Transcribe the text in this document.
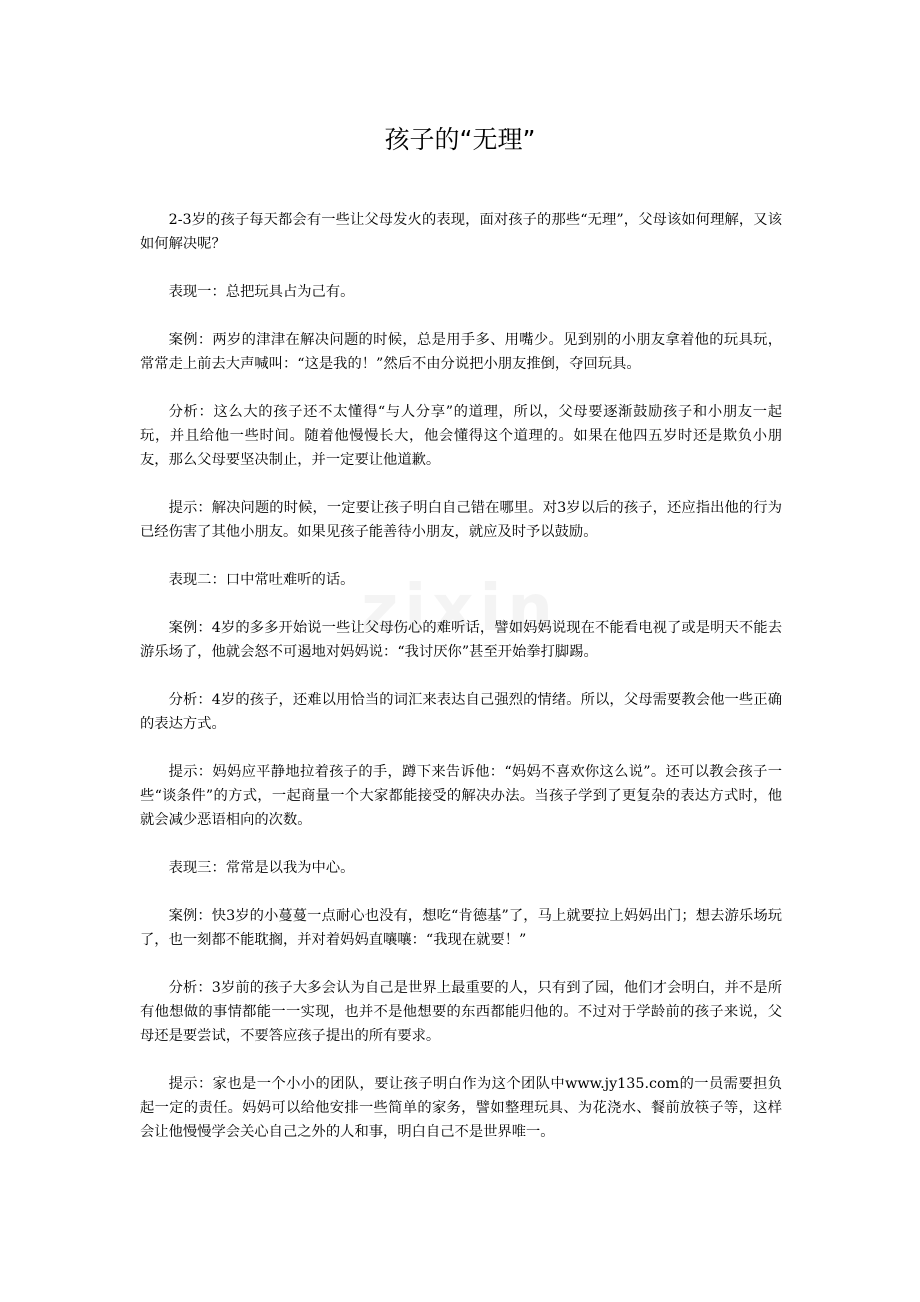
孩子的“无理”

2-3岁的孩子每天都会有一些让父母发火的表现，面对孩子的那些“无理”，父母该如何理解，又该如何解决呢？

表现一：总把玩具占为己有。

案例：两岁的津津在解决问题的时候，总是用手多、用嘴少。见到别的小朋友拿着他的玩具玩，常常走上前去大声喊叫：“这是我的！”然后不由分说把小朋友推倒，夺回玩具。

分析：这么大的孩子还不太懂得“与人分享”的道理，所以，父母要逐渐鼓励孩子和小朋友一起玩，并且给他一些时间。随着他慢慢长大，他会懂得这个道理的。如果在他四五岁时还是欺负小朋友，那么父母要坚决制止，并一定要让他道歉。

提示：解决问题的时候，一定要让孩子明白自己错在哪里。对3岁以后的孩子，还应指出他的行为已经伤害了其他小朋友。如果见孩子能善待小朋友，就应及时予以鼓励。

表现二：口中常吐难听的话。

案例：4岁的多多开始说一些让父母伤心的难听话，譬如妈妈说现在不能看电视了或是明天不能去游乐场了，他就会怒不可遏地对妈妈说：“我讨厌你”甚至开始拳打脚踢。

分析：4岁的孩子，还难以用恰当的词汇来表达自己强烈的情绪。所以，父母需要教会他一些正确的表达方式。

提示：妈妈应平静地拉着孩子的手，蹲下来告诉他：“妈妈不喜欢你这么说”。还可以教会孩子一些“谈条件”的方式，一起商量一个大家都能接受的解决办法。当孩子学到了更复杂的表达方式时，他就会减少恶语相向的次数。

表现三：常常是以我为中心。

案例：快3岁的小蔓蔓一点耐心也没有，想吃“肯德基”了，马上就要拉上妈妈出门；想去游乐场玩了，也一刻都不能耽搁，并对着妈妈直嚷嚷：“我现在就要！”

分析：3岁前的孩子大多会认为自己是世界上最重要的人，只有到了园，他们才会明白，并不是所有他想做的事情都能一一实现，也并不是他想要的东西都能归他的。不过对于学龄前的孩子来说，父母还是要尝试，不要答应孩子提出的所有要求。

提示：家也是一个小小的团队，要让孩子明白作为这个团队中www.jy135.com的一员需要担负起一定的责任。妈妈可以给他安排一些简单的家务，譬如整理玩具、为花浇水、餐前放筷子等，这样会让他慢慢学会关心自己之外的人和事，明白自己不是世界唯一。
